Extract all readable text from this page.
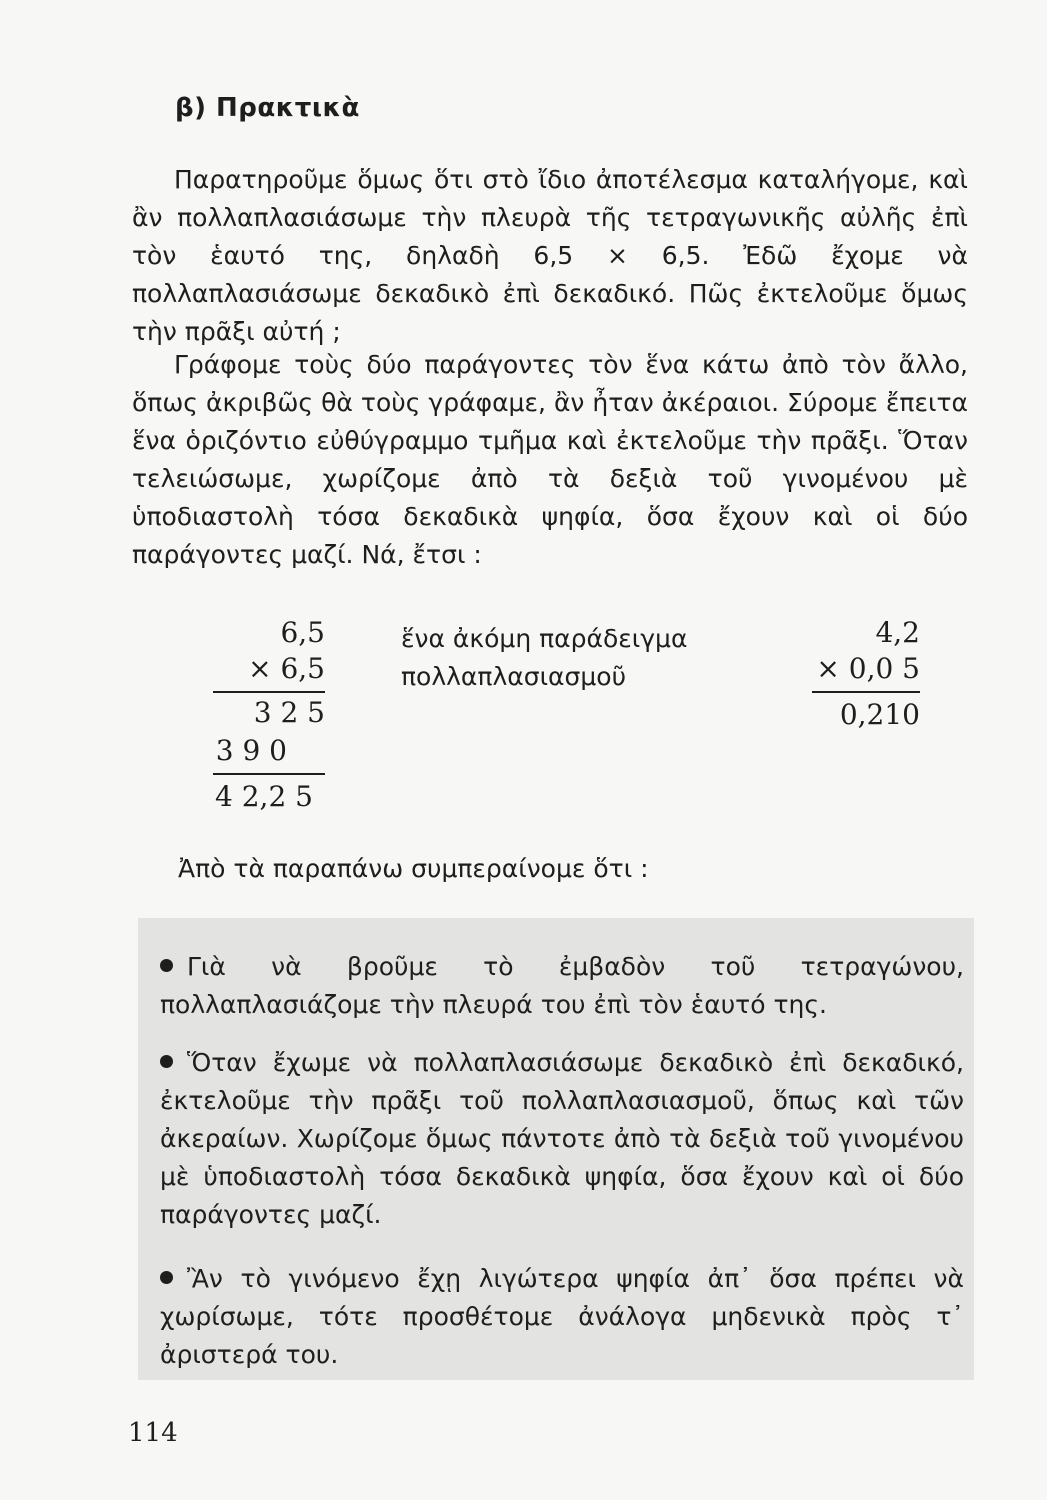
β) Πρακτικὰ

Παρατηροῦμε ὅμως ὅτι στὸ ἴδιο ἀποτέλεσμα καταλήγομε, καὶ ἂν πολλαπλασιάσωμε τὴν πλευρὰ τῆς τετραγωνικῆς αὐλῆς ἐπὶ τὸν ἑαυτό της, δηλαδὴ 6,5 × 6,5. Ἐδῶ ἔχομε νὰ πολλαπλασιάσωμε δεκαδικὸ ἐπὶ δεκαδικό. Πῶς ἐκτελοῦμε ὅμως τὴν πρᾶξι αὐτή ;

Γράφομε τοὺς δύο παράγοντες τὸν ἕνα κάτω ἀπὸ τὸν ἄλλο, ὅπως ἀκριβῶς θὰ τοὺς γράφαμε, ἂν ἦταν ἀκέραιοι. Σύρομε ἔπειτα ἕνα ὁριζόντιο εὐθύγραμμο τμῆμα καὶ ἐκτελοῦμε τὴν πρᾶξι. Ὅταν τελειώσωμε, χωρίζομε ἀπὸ τὰ δεξιὰ τοῦ γινομένου μὲ ὑποδιαστολὴ τόσα δεκαδικὰ ψηφία, ὅσα ἔχουν καὶ οἱ δύο παράγοντες μαζί. Νά, ἔτσι :

6,5
× 6,5
3 2 5
3 9 0
4 2,2 5
ἕνα ἀκόμη παράδειγμα
πολλαπλασιασμοῦ
4,2
× 0,0 5
0,210
Ἀπὸ τὰ παραπάνω συμπεραίνομε ὅτι :

Γιὰ νὰ βροῦμε τὸ ἐμβαδὸν τοῦ τετραγώνου, πολλαπλασιάζομε τὴν πλευρά του ἐπὶ τὸν ἑαυτό της.

Ὅταν ἔχωμε νὰ πολλαπλασιάσωμε δεκαδικὸ ἐπὶ δεκαδικό, ἐκτελοῦμε τὴν πρᾶξι τοῦ πολλαπλασιασμοῦ, ὅπως καὶ τῶν ἀκεραίων. Χωρίζομε ὅμως πάντοτε ἀπὸ τὰ δεξιὰ τοῦ γινομένου μὲ ὑποδιαστολὴ τόσα δεκαδικὰ ψηφία, ὅσα ἔχουν καὶ οἱ δύο παράγοντες μαζί.

Ἂν τὸ γινόμενο ἔχῃ λιγώτερα ψηφία ἀπ᾿ ὅσα πρέπει νὰ χωρίσωμε, τότε προσθέτομε ἀνάλογα μηδενικὰ πρὸς τ᾿ ἀριστερά του.

114
